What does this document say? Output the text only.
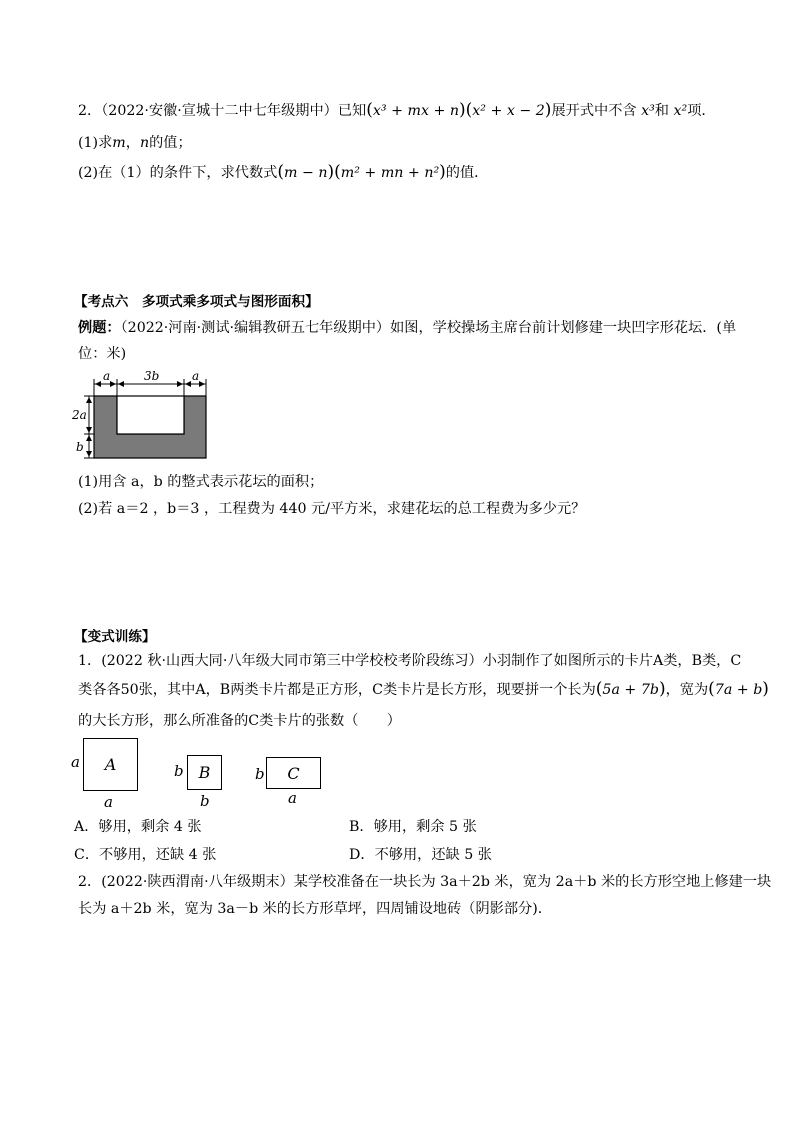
2．（2022·安徽·宣城十二中七年级期中）已知(x³ + mx + n)(x² + x − 2)展开式中不含 x³和 x²项．
(1)求m，n的值；
(2)在（1）的条件下，求代数式(m − n)(m² + mn + n²)的值．
【考点六　多项式乘多项式与图形面积】
例题：（2022·河南·测试·编辑教研五七年级期中）如图，学校操场主席台前计划修建一块凹字形花坛．(单
位：米)
a	3b	a
2a
b
(1)用含 a，b 的整式表示花坛的面积；
(2)若 a＝2 ，b＝3 ，工程费为 440 元/平方米，求建花坛的总工程费为多少元？
【变式训练】
1．(2022 秋·山西大同·八年级大同市第三中学校校考阶段练习）小羽制作了如图所示的卡片A类，B类，C
类各各50张，其中A，B两类卡片都是正方形，C类卡片是长方形，现要拼一个长为(5a + 7b)，宽为(7a + b)
的大长方形，那么所准备的C类卡片的张数（　　）
A
a
a
B
b
b
C
b
a
A．够用，剩余 4 张	B．够用，剩余 5 张
C．不够用，还缺 4 张	D．不够用，还缺 5 张
2．(2022·陕西渭南·八年级期末）某学校准备在一块长为 3a＋2b 米，宽为 2a＋b 米的长方形空地上修建一块
长为 a＋2b 米，宽为 3a－b 米的长方形草坪，四周铺设地砖（阴影部分)．
